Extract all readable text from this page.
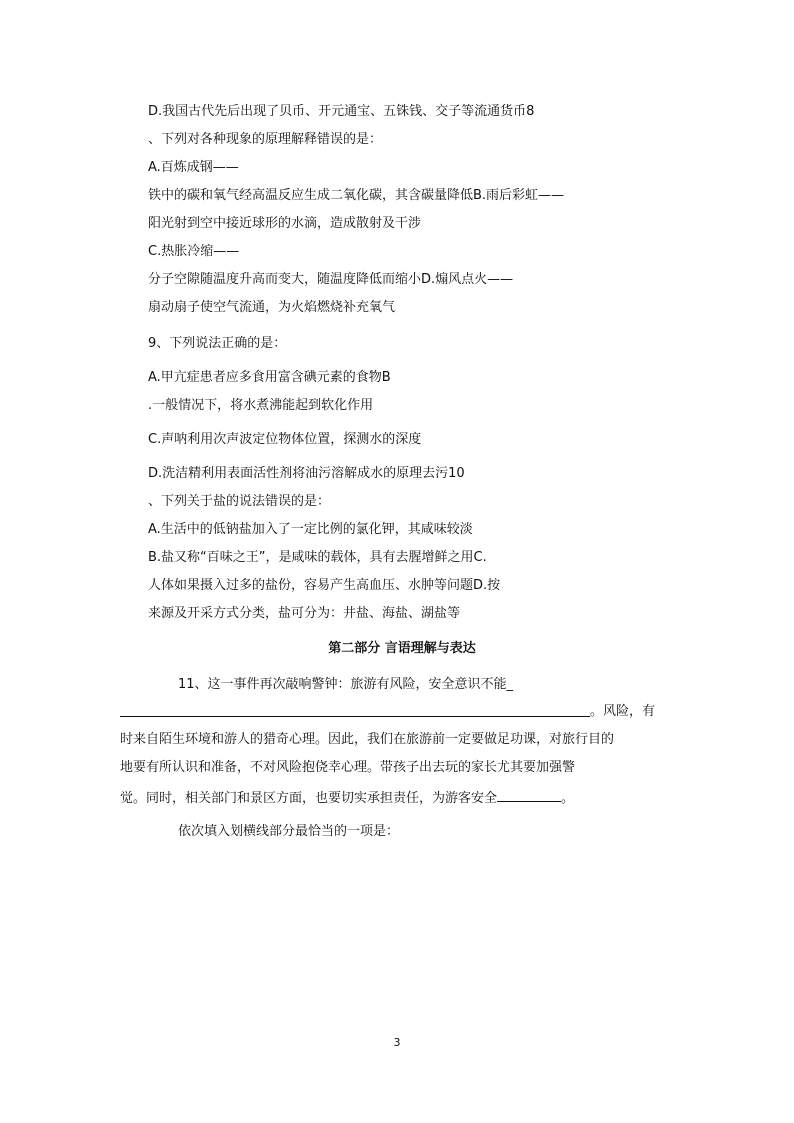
D.我国古代先后出现了贝币、开元通宝、五铢钱、交子等流通货币8
、下列对各种现象的原理解释错误的是：
A.百炼成钢——
铁中的碳和氧气经高温反应生成二氧化碳，其含碳量降低B.雨后彩虹——
阳光射到空中接近球形的水滴，造成散射及干涉
C.热胀冷缩——
分子空隙随温度升高而变大，随温度降低而缩小D.煽风点火——
扇动扇子使空气流通，为火焰燃烧补充氧气
9、下列说法正确的是：
A.甲亢症患者应多食用富含碘元素的食物B
.一般情况下，将水煮沸能起到软化作用
C.声呐利用次声波定位物体位置，探测水的深度
D.洗洁精利用表面活性剂将油污溶解成水的原理去污10
、下列关于盐的说法错误的是：
A.生活中的低钠盐加入了一定比例的氯化钾，其咸味较淡
B.盐又称“百味之王”，是咸味的载体，具有去腥增鲜之用C.
人体如果摄入过多的盐份，容易产生高血压、水肿等问题D.按
来源及开采方式分类，盐可分为：井盐、海盐、湖盐等
第二部分 言语理解与表达
11、这一事件再次敲响警钟：旅游有风险，安全意识不能_
。风险，有
时来自陌生环境和游人的猎奇心理。因此，我们在旅游前一定要做足功课，对旅行目的
地要有所认识和准备，不对风险抱侥幸心理。带孩子出去玩的家长尤其要加强警
觉。同时，相关部门和景区方面，也要切实承担责任，为游客安全	。
依次填入划横线部分最恰当的一项是：
3
